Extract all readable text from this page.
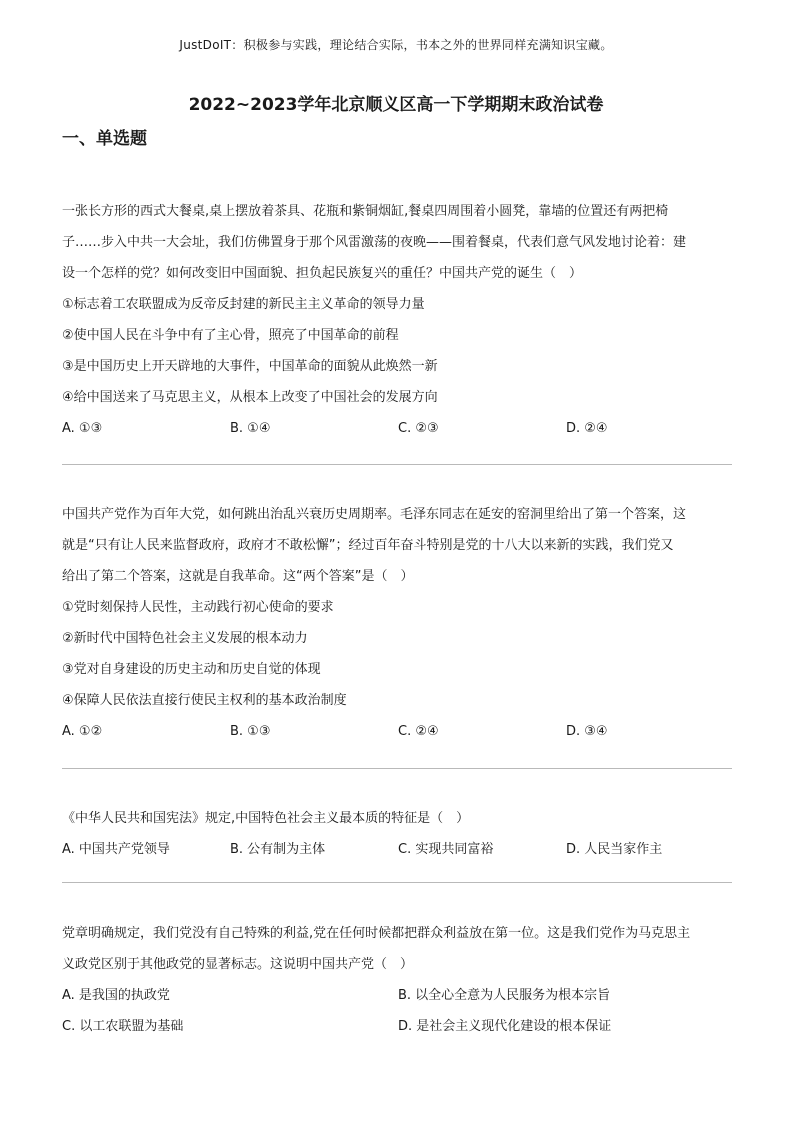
JustDoIT：积极参与实践，理论结合实际，书本之外的世界同样充满知识宝藏。
2022~2023学年北京顺义区高一下学期期末政治试卷
一、单选题
一张长方形的西式大餐桌,桌上摆放着茶具、花瓶和紫铜烟缸,餐桌四周围着小圆凳，靠墙的位置还有两把椅
子……步入中共一大会址，我们仿佛置身于那个风雷激荡的夜晚——围着餐桌，代表们意气风发地讨论着：建
设一个怎样的党？如何改变旧中国面貌、担负起民族复兴的重任？中国共产党的诞生（　）
①标志着工农联盟成为反帝反封建的新民主主义革命的领导力量
②使中国人民在斗争中有了主心骨，照亮了中国革命的前程
③是中国历史上开天辟地的大事件，中国革命的面貌从此焕然一新
④给中国送来了马克思主义，从根本上改变了中国社会的发展方向
A. ①③	B. ①④	C. ②③	D. ②④
中国共产党作为百年大党，如何跳出治乱兴衰历史周期率。毛泽东同志在延安的窑洞里给出了第一个答案，这
就是“只有让人民来监督政府，政府才不敢松懈”；经过百年奋斗特别是党的十八大以来新的实践，我们党又
给出了第二个答案，这就是自我革命。这“两个答案”是（　）
①党时刻保持人民性，主动践行初心使命的要求
②新时代中国特色社会主义发展的根本动力
③党对自身建设的历史主动和历史自觉的体现
④保障人民依法直接行使民主权利的基本政治制度
A. ①②	B. ①③	C. ②④	D. ③④
《中华人民共和国宪法》规定,中国特色社会主义最本质的特征是（　）
A. 中国共产党领导	B. 公有制为主体	C. 实现共同富裕	D. 人民当家作主
党章明确规定，我们党没有自己特殊的利益,党在任何时候都把群众利益放在第一位。这是我们党作为马克思主
义政党区别于其他政党的显著标志。这说明中国共产党（　）
A. 是我国的执政党	B. 以全心全意为人民服务为根本宗旨
C. 以工农联盟为基础	D. 是社会主义现代化建设的根本保证
